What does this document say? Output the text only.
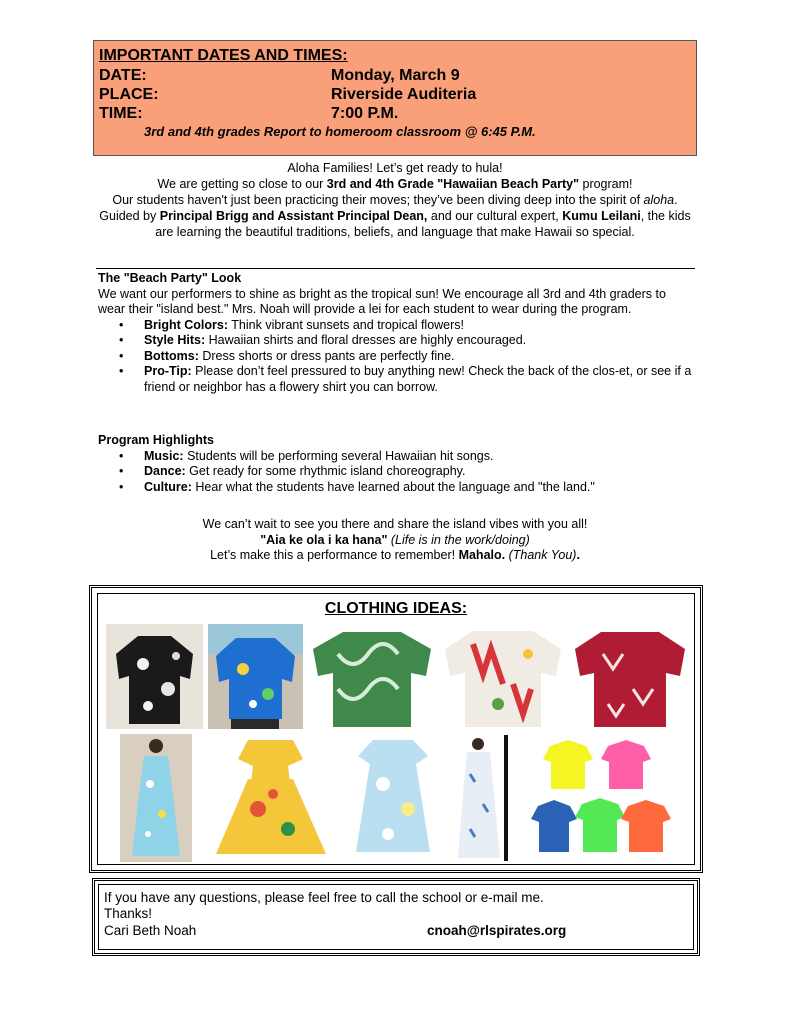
IMPORTANT DATES AND TIMES:
DATE:	Monday, March 9
PLACE:	Riverside Auditeria
TIME:	7:00 P.M.
3rd and 4th grades Report to homeroom classroom @ 6:45 P.M.
Aloha Families! Let’s get ready to hula!
We are getting so close to our 3rd and 4th Grade "Hawaiian Beach Party" program!
Our students haven't just been practicing their moves; they’ve been diving deep into the spirit of aloha. Guided by Principal Brigg and Assistant Principal Dean, and our cultural expert, Kumu Leilani, the kids are learning the beautiful traditions, beliefs, and language that make Hawaii so special.
The "Beach Party" Look
We want our performers to shine as bright as the tropical sun! We encourage all 3rd and 4th graders to wear their "island best." Mrs. Noah will provide a lei for each student to wear during the program.
• Bright Colors: Think vibrant sunsets and tropical flowers!
• Style Hits: Hawaiian shirts and floral dresses are highly encouraged.
• Bottoms: Dress shorts or dress pants are perfectly fine.
• Pro-Tip: Please don’t feel pressured to buy anything new! Check the back of the clos-et, or see if a friend or neighbor has a flowery shirt you can borrow.
Program Highlights
• Music: Students will be performing several Hawaiian hit songs.
• Dance: Get ready for some rhythmic island choreography.
• Culture: Hear what the students have learned about the language and "the land."
We can’t wait to see you there and share the island vibes with you all!
"Aia ke ola i ka hana" (Life is in the work/doing)
Let’s make this a performance to remember! Mahalo. (Thank You).
CLOTHING IDEAS:
If you have any questions, please feel free to call the school or e-mail me.
Thanks!
Cari Beth Noah	cnoah@rlspirates.org
